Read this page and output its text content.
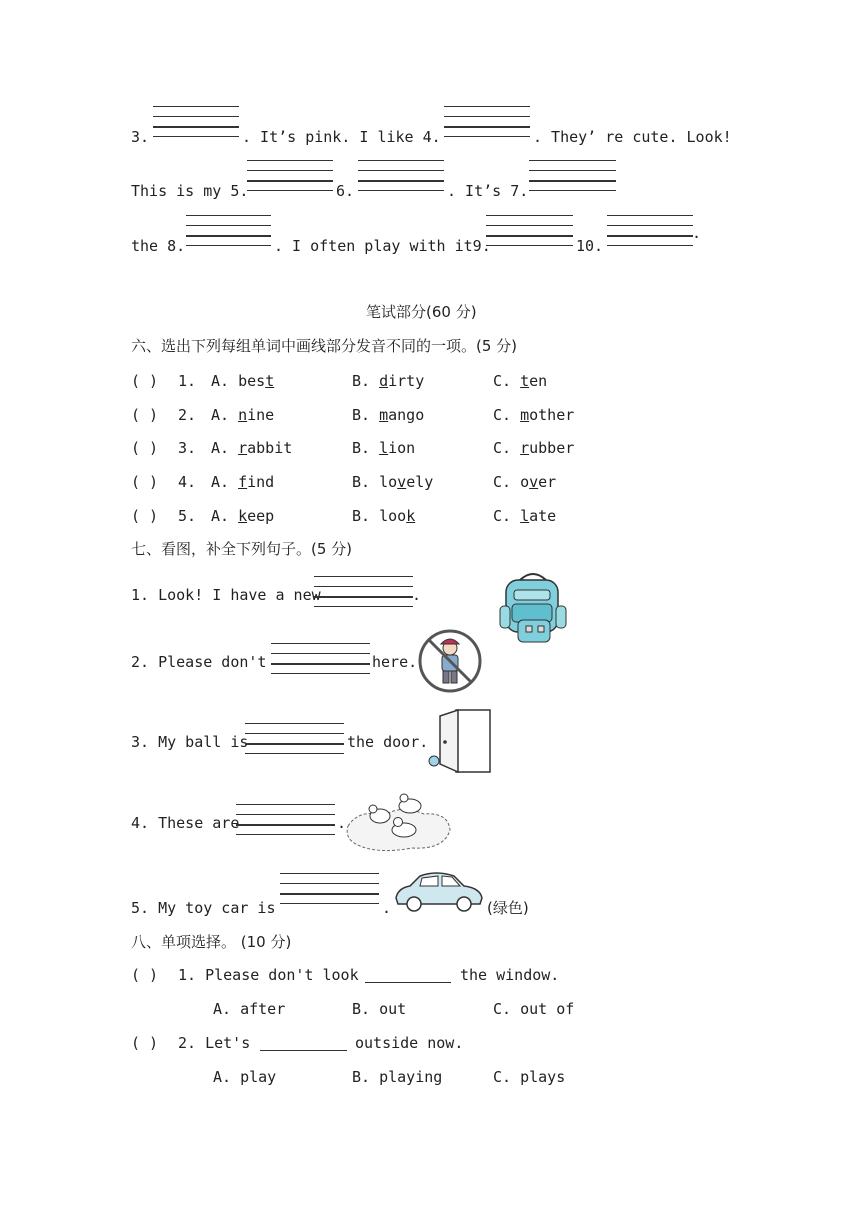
3.	. It’s pink. I like 4.	. They’ re cute. Look!
This is my 5.	6.	. It’s 7.
the 8.	. I often play with it9.	10.
.
笔试部分(60 分)
六、选出下列每组单词中画线部分发音不同的一项。(5 分)
( ) 1. A. best	B. dirty	C. ten
( ) 2. A. nine	B. mango	C. mother
( ) 3. A. rabbit	B. lion	C. rubber
( ) 4. A. find	B. lovely	C. over
( ) 5. A. keep	B. look	C. late
七、看图，补全下列句子。(5 分)
1. Look! I have a new	.
2. Please don't	here.
3. My ball is	the door.
4. These are	.
5. My toy car is	.	(绿色)
八、单项选择。 (10 分)
( ) 1. Please don't look	the window.
A. after	B. out	C. out of
( ) 2. Let's	outside now.
A. play	B. playing	C. plays
